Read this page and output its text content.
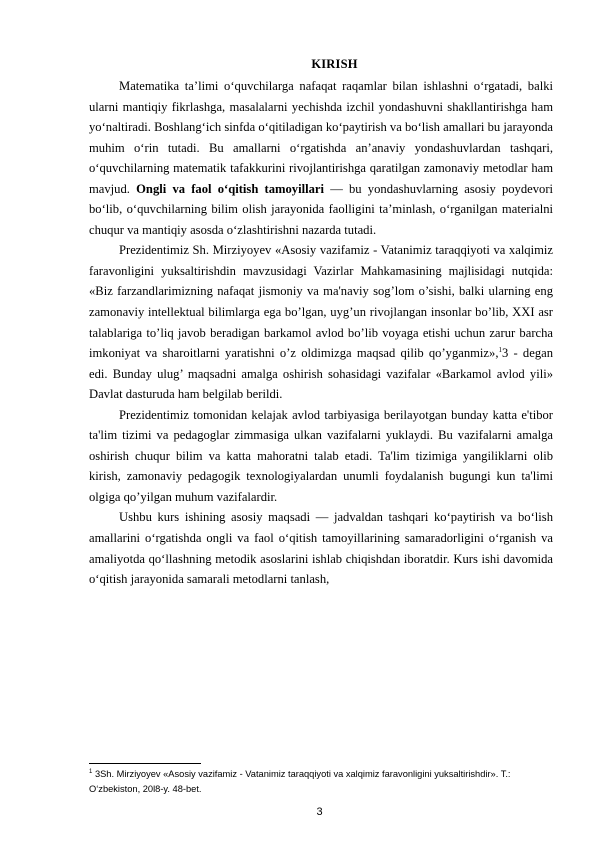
KIRISH

Matematika ta’limi o‘quvchilarga nafaqat raqamlar bilan ishlashni o‘rgatadi, balki ularni mantiqiy fikrlashga, masalalarni yechishda izchil yondashuvni shakllantirishga ham yo‘naltiradi. Boshlang‘ich sinfda o‘qitiladigan ko‘paytirish va bo‘lish amallari bu jarayonda muhim o‘rin tutadi. Bu amallarni o‘rgatishda an’anaviy yondashuvlardan tashqari, o‘quvchilarning matematik tafakkurini rivojlantirishga qaratilgan zamonaviy metodlar ham mavjud. Ongli va faol o‘qitish tamoyillari — bu yondashuvlarning asosiy poydevori bo‘lib, o‘quvchilarning bilim olish jarayonida faolligini ta’minlash, o‘rganilgan materialni chuqur va mantiqiy asosda o‘zlashtirishni nazarda tutadi.

Prezidentimiz Sh. Mirziyoyev «Asosiy vazifamiz - Vatanimiz taraqqiyoti va xalqimiz faravonligini yuksaltirishdin mavzusidagi Vazirlar Mahkamasining majlisidagi nutqida: «Biz farzandlarimizning nafaqat jismoniy va ma'naviy sog’lom o’sishi, balki ularning eng zamonaviy intellektual bilimlarga ega bo’lgan, uyg’un rivojlangan insonlar bo’lib, XXI asr talablariga to’liq javob beradigan barkamol avlod bo’lib voyaga etishi uchun zarur barcha imkoniyat va sharoitlarni yaratishni o’z oldimizga maqsad qilib qo’yganmiz»,$^1$3 - degan edi. Bunday ulug’ maqsadni amalga oshirish sohasidagi vazifalar «Barkamol avlod yili» Davlat dasturuda ham belgilab berildi.

Prezidentimiz tomonidan kelajak avlod tarbiyasiga berilayotgan bunday katta e'tibor ta'lim tizimi va pedagoglar zimmasiga ulkan vazifalarni yuklaydi. Bu vazifalarni amalga oshirish chuqur bilim va katta mahoratni talab etadi. Ta'lim tizimiga yangiliklarni olib kirish, zamonaviy pedagogik texnologiyalardan unumli foydalanish bugungi kun ta'limi olgiga qo’yilgan muhum vazifalardir.

Ushbu kurs ishining asosiy maqsadi — jadvaldan tashqari ko‘paytirish va bo‘lish amallarini o‘rgatishda ongli va faol o‘qitish tamoyillarining samaradorligini o‘rganish va amaliyotda qo‘llashning metodik asoslarini ishlab chiqishdan iboratdir. Kurs ishi davomida o‘qitish jarayonida samarali metodlarni tanlash,

$^1$ 3Sh. Mirziyoyev «Asosiy vazifamiz - Vatanimiz taraqqiyoti va xalqimiz faravonligini yuksaltirishdir». T.: O‘zbekiston, 20l8-y. 48-bet.
3
